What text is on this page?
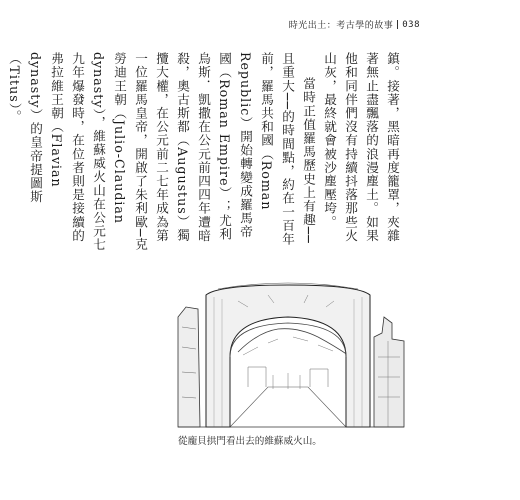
時光出土：考古學的故事 038

鎮。接著，黑暗再度籠罩，夾雜著無止盡飄落的浪漫塵土。如果他和同伴們沒有持續抖落那些火山灰，最終就會被沙塵壓垮。

當時正值羅馬歷史上有趣──且重大──的時間點，約在一百年前，羅馬共和國（Roman Republic）開始轉變成羅馬帝國（Roman Empire）；尤利烏斯．凱撒在公元前四四年遭暗殺，奧古斯都（Augustus）獨攬大權，在公元前二七年成為第一位羅馬皇帝，開啟了朱利歐─克勞迪王朝（Julio-Claudian dynasty），維蘇威火山在公元七九年爆發時，在位者則是接續的弗拉維王朝（Flavian dynasty）的皇帝提圖斯（Titus）。

從龐貝拱門看出去的維蘇威火山。
